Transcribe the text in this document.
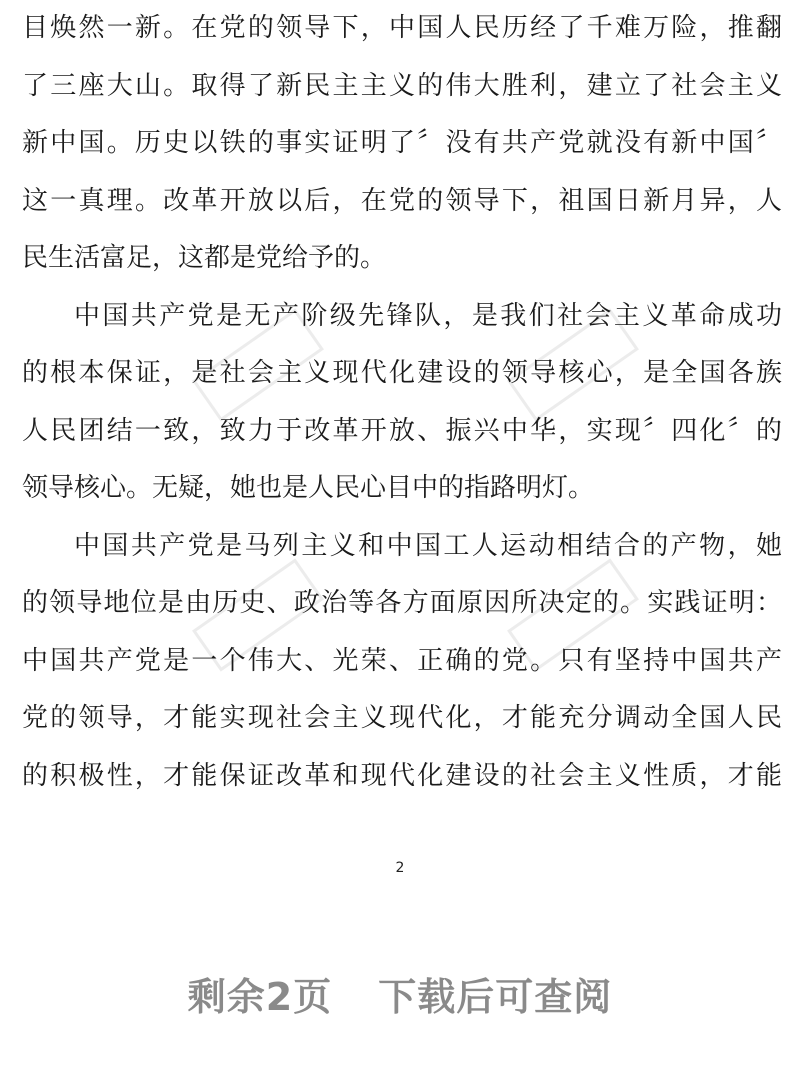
目焕然一新。在党的领导下，中国人民历经了千难万险，推翻
了三座大山。取得了新民主主义的伟大胜利，建立了社会主义
新中国。历史以铁的事实证明了〞没有共产党就没有新中国〞
这一真理。改革开放以后，在党的领导下，祖国日新月异，人
民生活富足，这都是党给予的。
中国共产党是无产阶级先锋队，是我们社会主义革命成功
的根本保证，是社会主义现代化建设的领导核心，是全国各族
人民团结一致，致力于改革开放、振兴中华，实现〞四化〞的
领导核心。无疑，她也是人民心目中的指路明灯。
中国共产党是马列主义和中国工人运动相结合的产物，她
的领导地位是由历史、政治等各方面原因所决定的。实践证明：
中国共产党是一个伟大、光荣、正确的党。只有坚持中国共产
党的领导，才能实现社会主义现代化，才能充分调动全国人民
的积极性，才能保证改革和现代化建设的社会主义性质，才能
2
剩余2页 下载后可查阅
